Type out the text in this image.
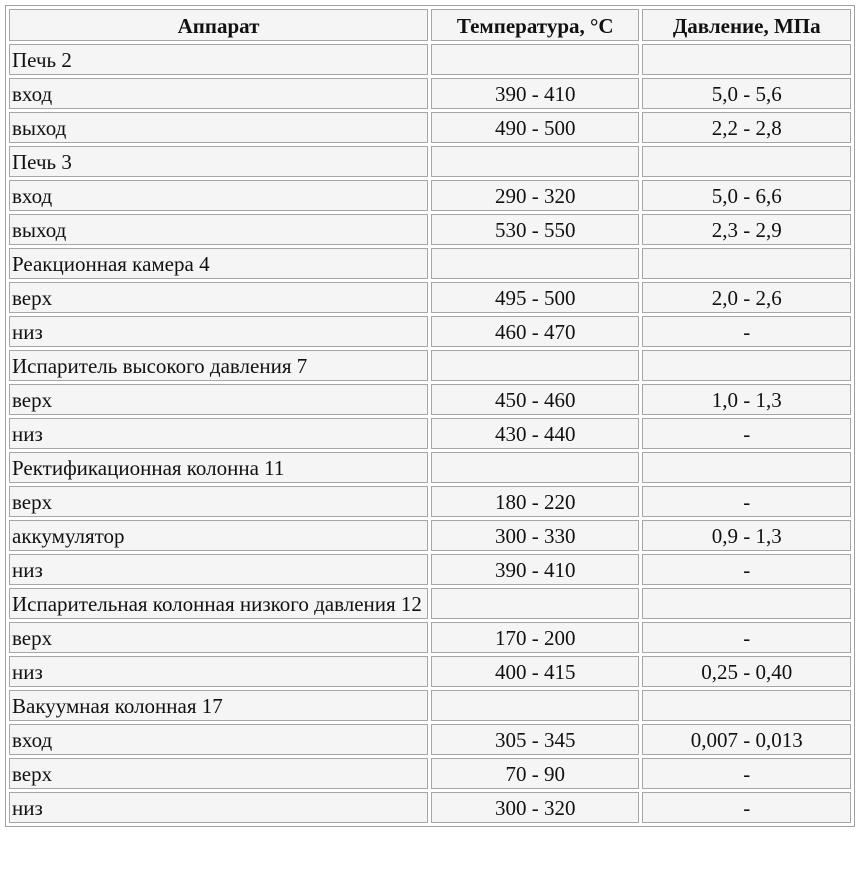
Аппарат	Температура, °С	Давление, МПа
Печь 2		
вход	390 - 410	5,0 - 5,6
выход	490 - 500	2,2 - 2,8
Печь 3		
вход	290 - 320	5,0 - 6,6
выход	530 - 550	2,3 - 2,9
Реакционная камера 4		
верх	495 - 500	2,0 - 2,6
низ	460 - 470	-
Испаритель высокого давления 7		
верх	450 - 460	1,0 - 1,3
низ	430 - 440	-
Ректификационная колонна 11		
верх	180 - 220	-
аккумулятор	300 - 330	0,9 - 1,3
низ	390 - 410	-
Испарительная колонная низкого давления 12		
верх	170 - 200	-
низ	400 - 415	0,25 - 0,40
Вакуумная колонная 17		
вход	305 - 345	0,007 - 0,013
верх	70 - 90	-
низ	300 - 320	-
